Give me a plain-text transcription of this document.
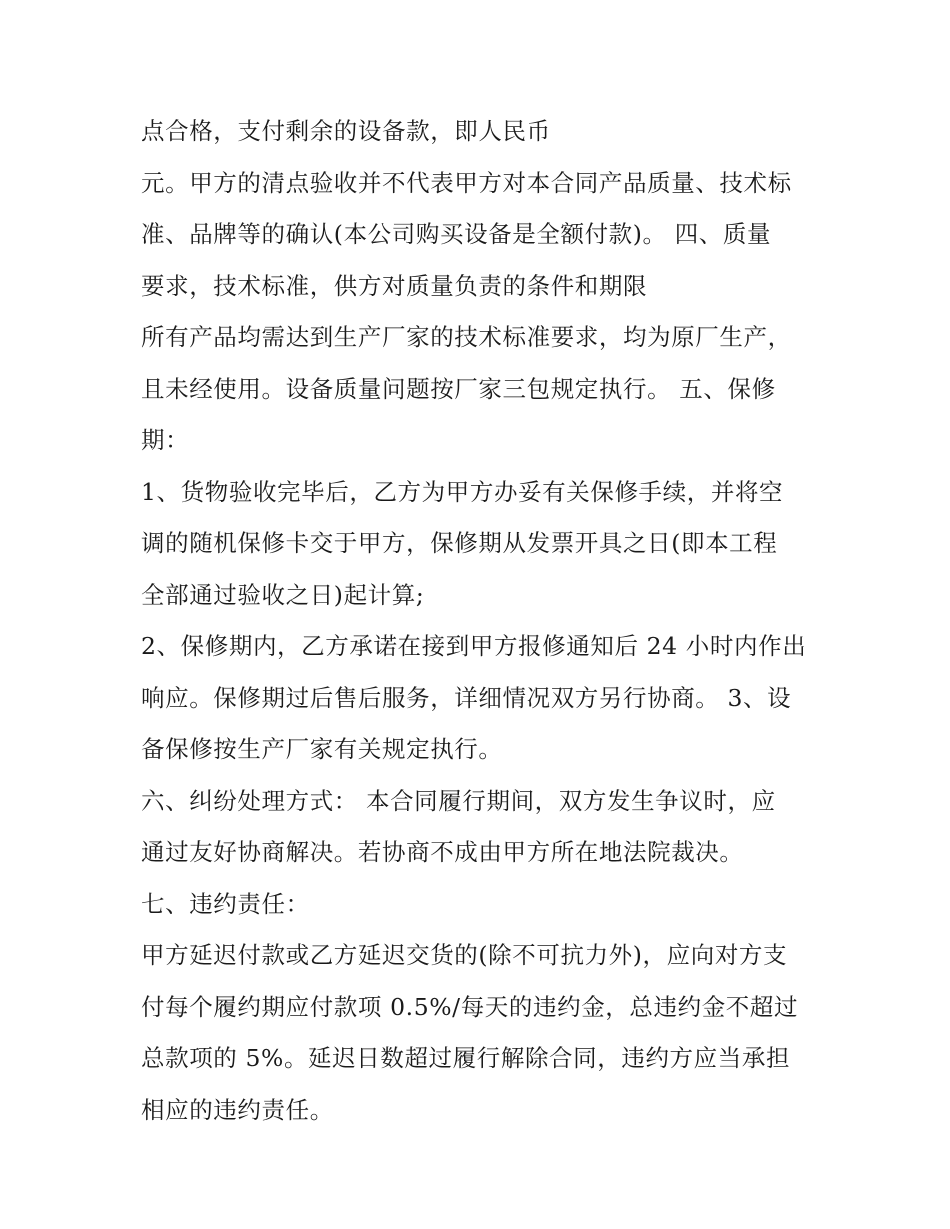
点合格，支付剩余的设备款，即人民币
元。甲方的清点验收并不代表甲方对本合同产品质量、技术标
准、品牌等的确认(本公司购买设备是全额付款)。 四、质量
要求，技术标准，供方对质量负责的条件和期限
所有产品均需达到生产厂家的技术标准要求，均为原厂生产，
且未经使用。设备质量问题按厂家三包规定执行。 五、保修
期：
1、货物验收完毕后，乙方为甲方办妥有关保修手续，并将空
调的随机保修卡交于甲方，保修期从发票开具之日(即本工程
全部通过验收之日)起计算;
2、保修期内，乙方承诺在接到甲方报修通知后 24 小时内作出
响应。保修期过后售后服务，详细情况双方另行协商。 3、设
备保修按生产厂家有关规定执行。
六、纠纷处理方式： 本合同履行期间，双方发生争议时，应
通过友好协商解决。若协商不成由甲方所在地法院裁决。
七、违约责任：
甲方延迟付款或乙方延迟交货的(除不可抗力外)，应向对方支
付每个履约期应付款项 0.5%/每天的违约金，总违约金不超过
总款项的 5%。延迟日数超过履行解除合同，违约方应当承担
相应的违约责任。
